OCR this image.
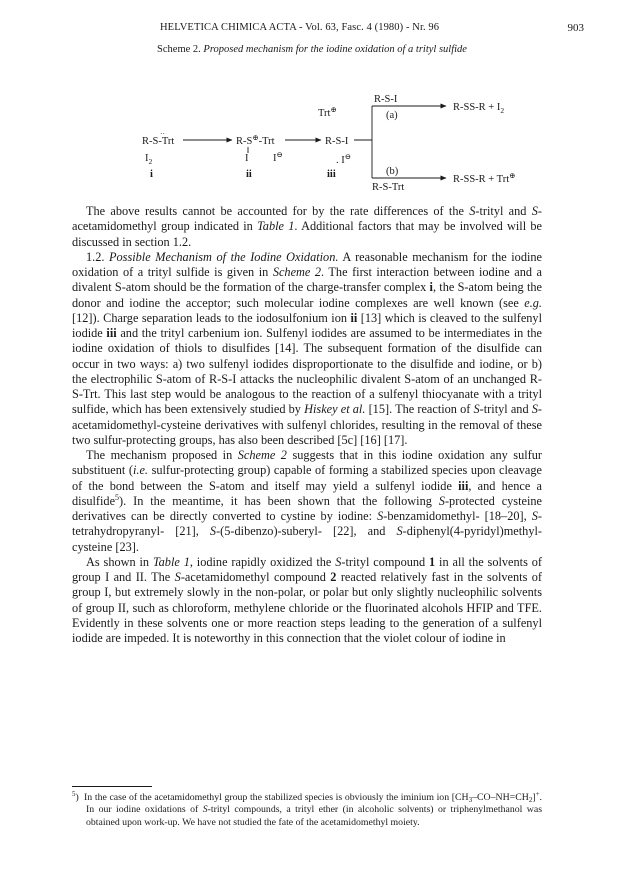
HELVETICA CHIMICA ACTA - Vol. 63, Fasc. 4 (1980) - Nr. 96	903
Scheme 2. Proposed mechanism for the iodine oxidation of a trityl sulfide
R-S-I
(a)
$R-SS-R + I_2$
Trt⊕
R-S-Trt
··
R-S⊕-Trt	R-S-I
$I_2$	I I⊖
. I⊖
i	ii	iii	(b)
R-SS-R + Trt⊕
R-S-Trt

The above results cannot be accounted for by the rate differences of the S-trityl and S-acetamidomethyl group indicated in Table 1. Additional factors that may be involved will be discussed in section 1.2.

1.2. Possible Mechanism of the Iodine Oxidation. A reasonable mechanism for the iodine oxidation of a trityl sulfide is given in Scheme 2. The first interaction between iodine and a divalent S-atom should be the formation of the charge-transfer complex i, the S-atom being the donor and iodine the acceptor; such molecular iodine complexes are well known (see e.g. [12]). Charge separation leads to the iodosulfonium ion ii [13] which is cleaved to the sulfenyl iodide iii and the trityl carbenium ion. Sulfenyl iodides are assumed to be intermediates in the iodine oxidation of thiols to disulfides [14]. The subsequent formation of the disulfide can occur in two ways: a) two sulfenyl iodides disproportionate to the disulfide and iodine, or b) the electrophilic S-atom of R-S-I attacks the nucleophilic divalent S-atom of an unchanged R-S-Trt. This last step would be analogous to the reaction of a sulfenyl thiocyanate with a trityl sulfide, which has been extensively studied by Hiskey et al. [15]. The reaction of S-trityl and S-acetamidomethyl-cysteine derivatives with sulfenyl chlorides, resulting in the removal of these two sulfur-protecting groups, has also been described [5c] [16] [17].

The mechanism proposed in Scheme 2 suggests that in this iodine oxidation any sulfur substituent (i.e. sulfur-protecting group) capable of forming a stabilized species upon cleavage of the bond between the S-atom and itself may yield a sulfenyl iodide iii, and hence a disulfide$^5$). In the meantime, it has been shown that the following S-protected cysteine derivatives can be directly converted to cystine by iodine: S-benzamidomethyl- [18–20], S-tetrahydropyranyl- [21], S-(5-dibenzo)-suberyl- [22], and S-diphenyl(4-pyridyl)methyl-cysteine [23].

As shown in Table 1, iodine rapidly oxidized the S-trityl compound 1 in all the solvents of group I and II. The S-acetamidomethyl compound 2 reacted relatively fast in the solvents of group I, but extremely slowly in the non-polar, or polar but only slightly nucleophilic solvents of group II, such as chloroform, methylene chloride or the fluorinated alcohols HFIP and TFE. Evidently in these solvents one or more reaction steps leading to the generation of a sulfenyl iodide are impeded. It is noteworthy in this connection that the violet colour of iodine in

$^5$)  In the case of the acetamidomethyl group the stabilized species is obviously the iminium ion $[CH_3-CO-NH=CH_2]^+$. In our iodine oxidations of S-trityl compounds, a trityl ether (in alcoholic solvents) or triphenylmethanol was obtained upon work-up. We have not studied the fate of the acetamidomethyl moiety.
